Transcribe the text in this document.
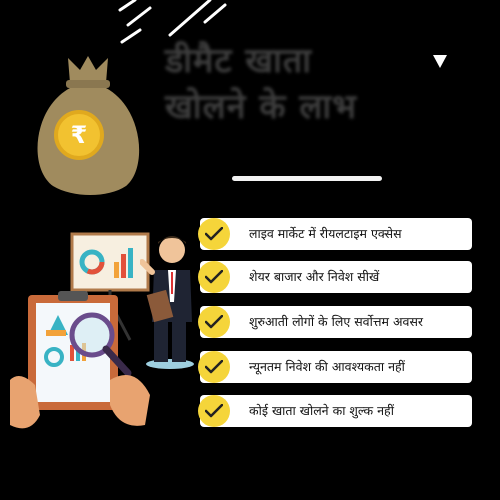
₹
डीमैट खाता
खोलने के लाभ
लाइव मार्केट में रीयलटाइम एक्सेस
शेयर बाजार और निवेश सीखें
शुरुआती लोगों के लिए सर्वोत्तम अवसर
न्यूनतम निवेश की आवश्यकता नहीं
कोई खाता खोलने का शुल्क नहीं
